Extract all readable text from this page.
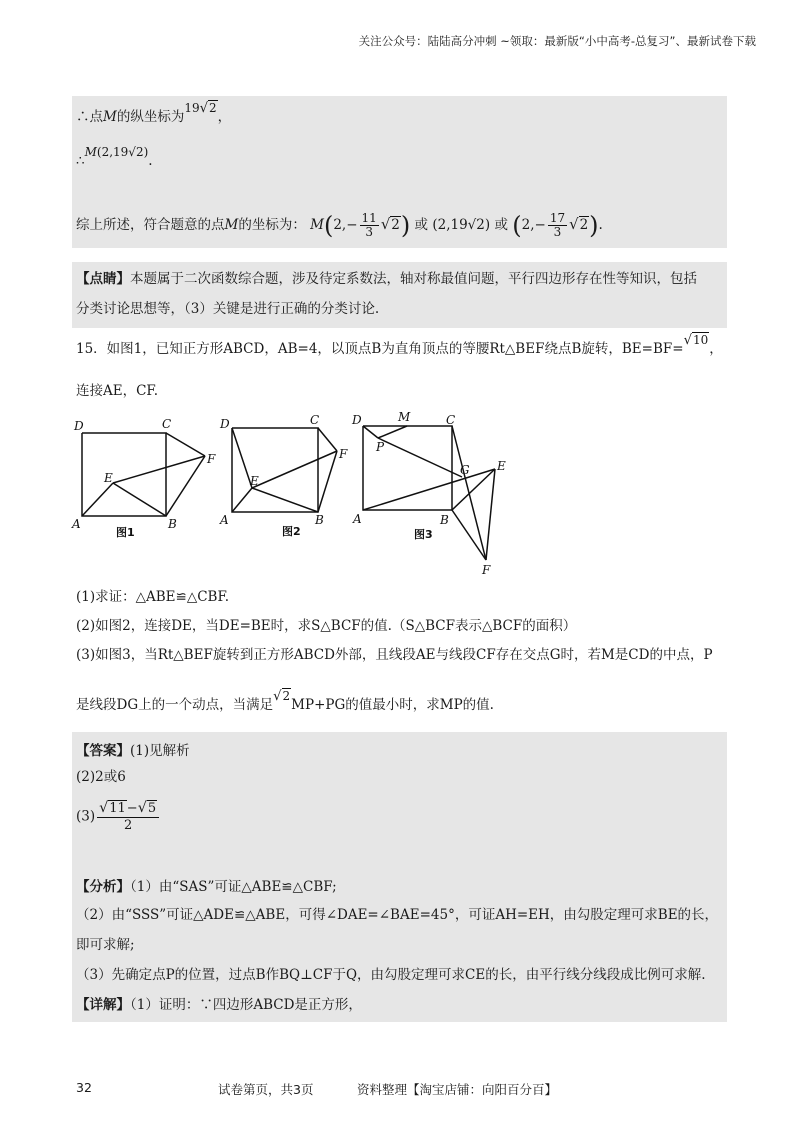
关注公众号：陆陆高分冲刺 ~领取：最新版“小中高考-总复习”、最新试卷下载
∴点M的纵坐标为19√2，
∴M(2,19√2).
综上所述，符合题意的点M的坐标为： $M(2,- \frac{11}{3} √2)$ 或 (2,19√2) 或 $(2,- \frac{17}{3} √2)$.
【点睛】本题属于二次函数综合题，涉及待定系数法，轴对称最值问题，平行四边形存在性等知识，包括
分类讨论思想等，（3）关键是进行正确的分类讨论.
15．如图1，已知正方形ABCD，AB=4，以顶点B为直角顶点的等腰Rt△BEF绕点B旋转，BE=BF=√10，
连接AE，CF.
D	C
F
E
A	B
图1
D	C
F
E
A	B
图2
D	M	C
P
G E
A	B
F
图3
(1)求证：△ABE≌△CBF.
(2)如图2，连接DE，当DE=BE时，求S△BCF的值.（S△BCF表示△BCF的面积）
(3)如图3，当Rt△BEF旋转到正方形ABCD外部，且线段AE与线段CF存在交点G时，若M是CD的中点，P
是线段DG上的一个动点，当满足√2MP+PG的值最小时，求MP的值.
【答案】(1)见解析
(2)2或6
$(3) \frac{√11-√5}{2}$
【分析】（1）由“SAS”可证△ABE≌△CBF;
（2）由“SSS”可证△ADE≌△ABE，可得∠DAE=∠BAE=45°，可证AH=EH，由勾股定理可求BE的长，
即可求解;
（3）先确定点P的位置，过点B作BQ⊥CF于Q，由勾股定理可求CE的长，由平行线分线段成比例可求解.
【详解】（1）证明：∵四边形ABCD是正方形，
32	试卷第页，共3页	资料整理【淘宝店铺：向阳百分百】
